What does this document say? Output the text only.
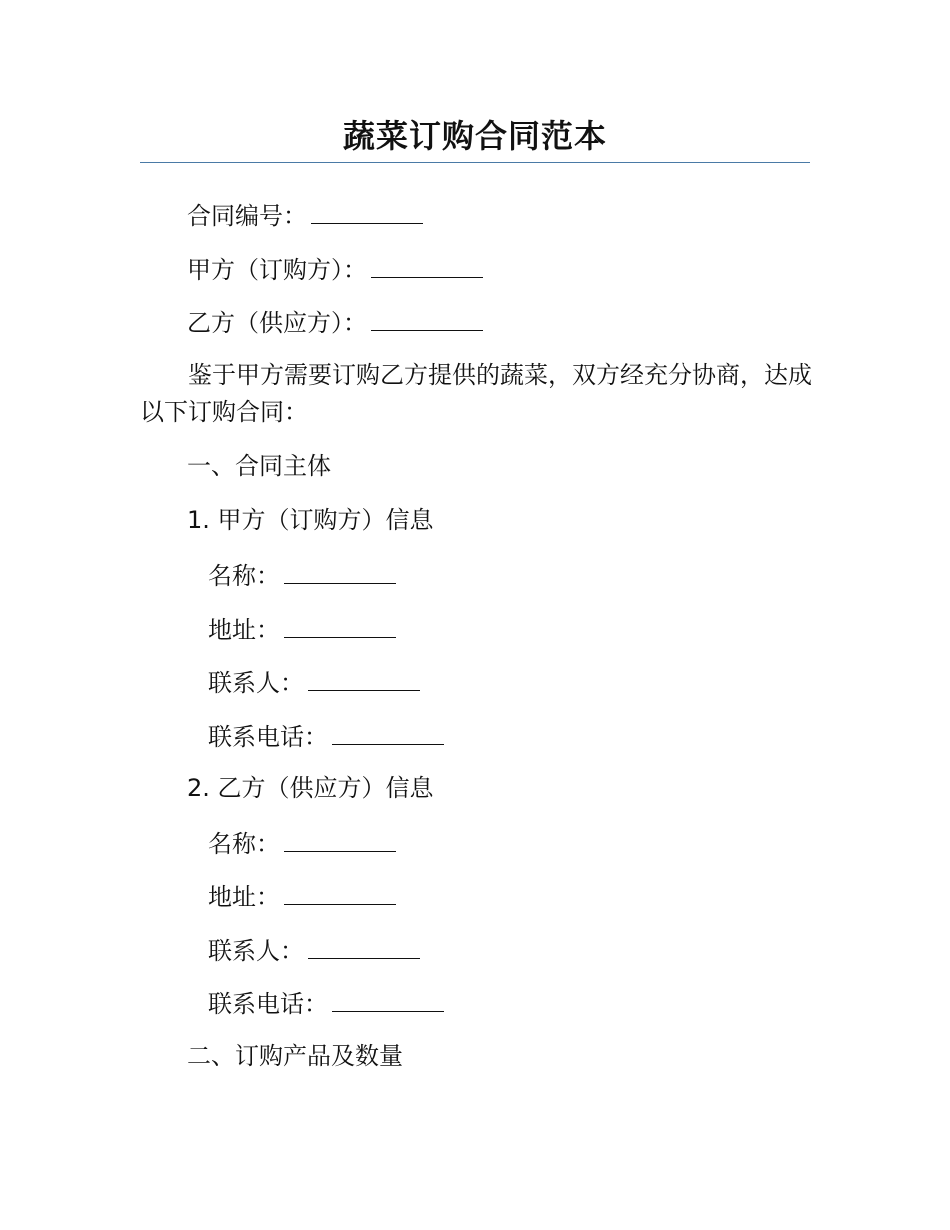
蔬菜订购合同范本

合同编号：

甲方（订购方）：

乙方（供应方）：

鉴于甲方需要订购乙方提供的蔬菜，双方经充分协商，达成以下订购合同：

一、合同主体

1. 甲方（订购方）信息

名称：

地址：

联系人：

联系电话：

2. 乙方（供应方）信息

名称：

地址：

联系人：

联系电话：

二、订购产品及数量
